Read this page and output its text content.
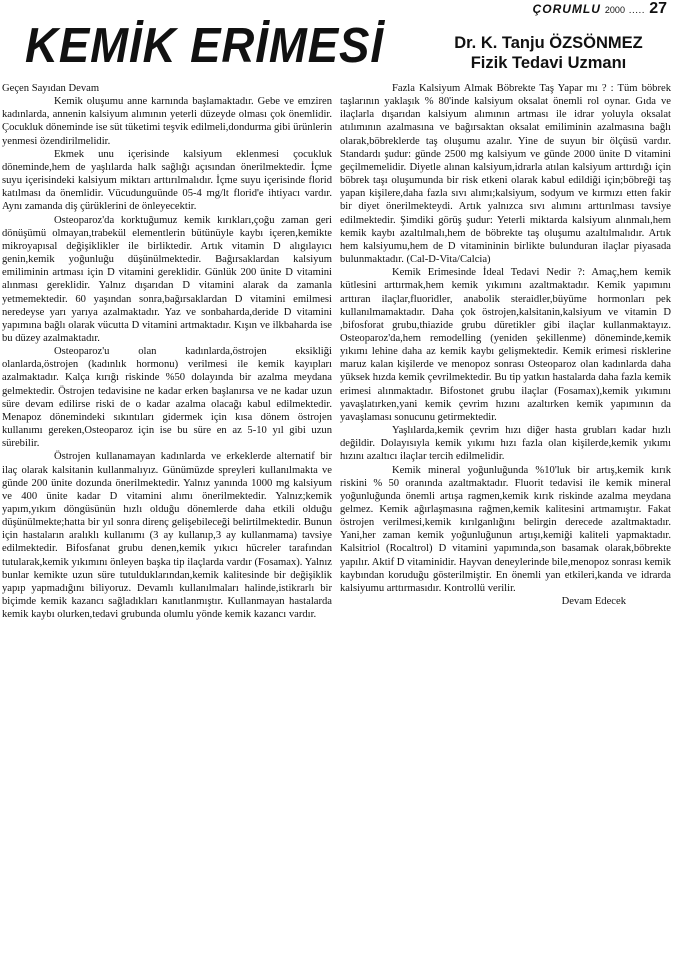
ÇORUMLU 2000 ..... 27
KEMİK ERİMESİ	Dr. K. Tanju ÖZSÖNMEZ
Fizik Tedavi Uzmanı

Geçen Sayıdan Devam

Kemik oluşumu anne karnında başlamaktadır. Gebe ve emziren kadınlarda, annenin kalsiyum alımının yeterli düzeyde olması çok önemlidir. Çocukluk döneminde ise süt tüketimi teşvik edilmeli,dondurma gibi ürünlerin yenmesi özendirilmelidir.

Ekmek unu içerisinde kalsiyum eklenmesi çocukluk döneminde,hem de yaşlılarda halk sağlığı açısından önerilmektedir. İçme suyu içerisindeki kalsiyum miktarı arttırılmalıdır. İçme suyu içerisinde florid katılması da önemlidir. Vücudunguünde 05-4 mg/lt florid'e ihtiyacı vardır. Aynı zamanda diş çürüklerini de önleyecektir.

Osteoparoz'da korktuğumuz kemik kırıkları,çoğu zaman geri dönüşümü olmayan,trabekül elementlerin bütünüyle kaybı içeren,kemikte mikroyapısal değişiklikler ile birliktedir. Artık vitamin D alıgılayıcı genin,kemik yoğunluğu düşünülmektedir. Bağırsaklardan kalsiyum emiliminin artması için D vitamini gereklidir. Günlük 200 ünite D vitamini alınması gereklidir. Yalnız dışarıdan D vitamini alarak da zamanla yetmemektedir. 60 yaşından sonra,bağırsaklardan D vitamini emilmesi neredeyse yarı yarıya azalmaktadır. Yaz ve sonbaharda,deride D vitamini yapımına bağlı olarak vücutta D vitamini artmaktadır. Kışın ve ilkbaharda ise bu düzey azalmaktadır.

Osteoparoz'u olan kadınlarda,östrojen eksikliği olanlarda,östrojen (kadınlık hormonu) verilmesi ile kemik kayıpları azalmaktadır. Kalça kırığı riskinde %50 dolayında bir azalma meydana gelmektedir. Östrojen tedavisine ne kadar erken başlanırsa ve ne kadar uzun süre devam edilirse riski de o kadar azalma olacağı kabul edilmektedir. Menapoz dönemindeki sıkıntıları gidermek için kısa dönem östrojen kullanımı gereken,Osteoparoz için ise bu süre en az 5-10 yıl gibi uzun sürebilir.

Östrojen kullanamayan kadınlarda ve erkeklerde alternatif bir ilaç olarak kalsitanin kullanmalıyız. Günümüzde spreyleri kullanılmakta ve günde 200 ünite dozunda önerilmektedir. Yalnız yanında 1000 mg kalsiyum ve 400 ünite kadar D vitamini alımı önerilmektedir. Yalnız;kemik yapım,yıkım döngüsünün hızlı olduğu dönemlerde daha etkili olduğu düşünülmekte;hatta bir yıl sonra direnç gelişebileceği belirtilmektedir. Bunun için hastaların aralıklı kullanımı (3 ay kullanıp,3 ay kullanmama) tavsiye edilmektedir. Bifosfanat grubu denen,kemik yıkıcı hücreler tarafından tutularak,kemik yıkımını önleyen başka tip ilaçlarda vardır (Fosamax). Yalnız bunlar kemikte uzun süre tutulduklarından,kemik kalitesinde bir değişiklik yapıp yapmadığını biliyoruz. Devamlı kullanılmaları halinde,istikrarlı bir biçimde kemik kazancı sağladıkları kanıtlanmıştır. Kullanmayan hastalarda kemik kaybı olurken,tedavi grubunda olumlu yönde kemik kazancı vardır.

Fazla Kalsiyum Almak Böbrekte Taş Yapar mı ? : Tüm böbrek taşlarının yaklaşık % 80'inde kalsiyum oksalat önemli rol oynar. Gıda ve ilaçlarla dışarıdan kalsiyum alımının artması ile idrar yoluyla oksalat atılımının azalmasına ve bağırsaktan oksalat emiliminin azalmasına bağlı olarak,böbreklerde taş oluşumu azalır. Yine de suyun bir ölçüsü vardır. Standardı şudur: günde 2500 mg kalsiyum ve günde 2000 ünite D vitamini geçilmemelidir. Diyetle alınan kalsiyum,idrarla atılan kalsiyum arttırdığı için böbrek taşı oluşumunda bir risk etkeni olarak kabul edildiği için;böbreği taş yapan kişilere,daha fazla sıvı alımı;kalsiyum, sodyum ve kırmızı etten fakir bir diyet önerilmekteydi. Artık yalnızca sıvı alımını arttırılması tavsiye edilmektedir. Şimdiki görüş şudur: Yeterli miktarda kalsiyum alınmalı,hem kemik kaybı azaltılmalı,hem de böbrekte taş oluşumu azaltılmalıdır. Artık hem kalsiyumu,hem de D vitamininin birlikte bulunduran ilaçlar piyasada bulunmaktadır. (Cal-D-Vita/Calcia)

Kemik Erimesinde İdeal Tedavi Nedir ?: Amaç,hem kemik kütlesini arttırmak,hem kemik yıkımını azaltmaktadır. Kemik yapımını arttıran ilaçlar,fluoridler, anabolik steraidler,büyüme hormonları pek kullanılmamaktadır. Daha çok östrojen,kalsitanin,kalsiyum ve vitamin D ,bifosforat grubu,thiazide grubu düretikler gibi ilaçlar kullanmaktayız. Osteoparoz'da,hem remodelling (yeniden şekillenme) döneminde,kemik yıkımı lehine daha az kemik kaybı gelişmektedir. Kemik erimesi risklerine maruz kalan kişilerde ve menopoz sonrası Osteoparoz olan kadınlarda daha yüksek hızda kemik çevrilmektedir. Bu tip yatkın hastalarda daha fazla kemik erimesi alınmaktadır. Bifostonet grubu ilaçlar (Fosamax),kemik yıkımını yavaşlatırken,yani kemik çevrim hızını azaltırken kemik yapımının da yavaşlaması sonucunu getirmektedir.

Yaşlılarda,kemik çevrim hızı diğer hasta grubları kadar hızlı değildir. Dolayısıyla kemik yıkımı hızı fazla olan kişilerde,kemik yıkımı hızını azaltıcı ilaçlar tercih edilmelidir.

Kemik mineral yoğunluğunda %10'luk bir artış,kemik kırık riskini % 50 oranında azaltmaktadır. Fluorit tedavisi ile kemik mineral yoğunluğunda önemli artışa ragmen,kemik kırık riskinde azalma meydana gelmez. Kemik ağırlaşmasına rağmen,kemik kalitesini artmamıştır. Fakat östrojen verilmesi,kemik kırılganlığını belirgin derecede azaltmaktadır. Yani,her zaman kemik yoğunluğunun artışı,kemiği kaliteli yapmaktadır. Kalsitriol (Rocaltrol) D vitamini yapımında,son basamak olarak,böbrekte yapılır. Aktif D vitaminidir. Hayvan deneylerinde bile,menopoz sonrası kemik kaybından koruduğu gösterilmiştir. En önemli yan etkileri,kanda ve idrarda kalsiyumu arttırmasıdır. Kontrollü verilir.

Devam Edecek
